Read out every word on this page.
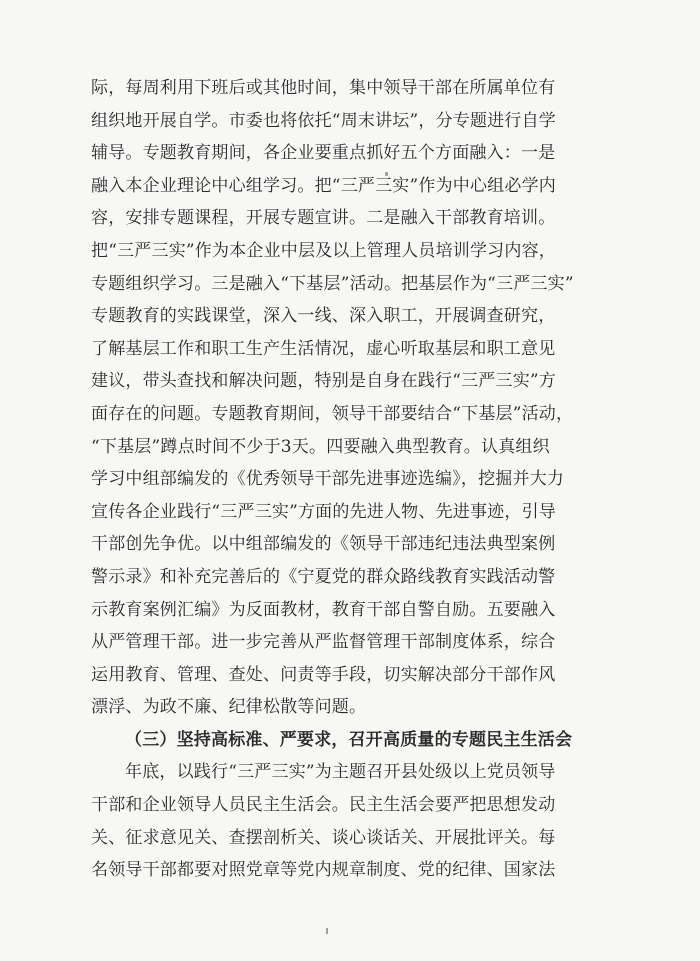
际，每周利用下班后或其他时间，集中领导干部在所属单位有
组织地开展自学。市委也将依托“周末讲坛”，分专题进行自学
辅导。专题教育期间，各企业要重点抓好五个方面融入：一是
融入本企业理论中心组学习。把“三严三实”作为中心组必学内
容，安排专题课程，开展专题宣讲。二是融入干部教育培训。
把“三严三实”作为本企业中层及以上管理人员培训学习内容，
专题组织学习。三是融入“下基层”活动。把基层作为“三严三实”
专题教育的实践课堂，深入一线、深入职工，开展调查研究，
了解基层工作和职工生产生活情况，虚心听取基层和职工意见
建议，带头查找和解决问题，特别是自身在践行“三严三实”方
面存在的问题。专题教育期间，领导干部要结合“下基层”活动，
“下基层”蹲点时间不少于3天。四要融入典型教育。认真组织
学习中组部编发的《优秀领导干部先进事迹选编》，挖掘并大力
宣传各企业践行“三严三实”方面的先进人物、先进事迹，引导
干部创先争优。以中组部编发的《领导干部违纪违法典型案例
警示录》和补充完善后的《宁夏党的群众路线教育实践活动警
示教育案例汇编》为反面教材，教育干部自警自励。五要融入
从严管理干部。进一步完善从严监督管理干部制度体系，综合
运用教育、管理、查处、问责等手段，切实解决部分干部作风
漂浮、为政不廉、纪律松散等问题。
（三）坚持高标准、严要求，召开高质量的专题民主生活会
年底，以践行“三严三实”为主题召开县处级以上党员领导
干部和企业领导人员民主生活会。民主生活会要严把思想发动
关、征求意见关、查摆剖析关、谈心谈话关、开展批评关。每
名领导干部都要对照党章等党内规章制度、党的纪律、国家法
